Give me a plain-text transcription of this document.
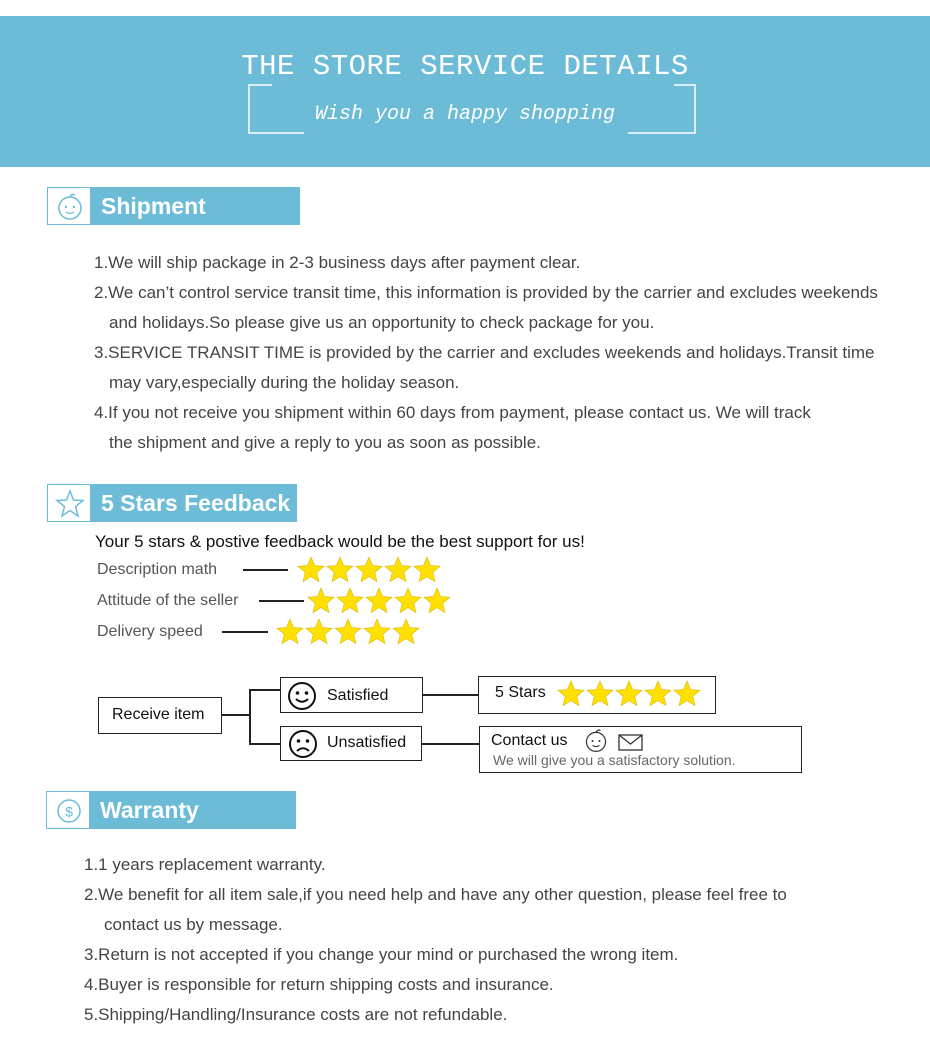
THE STORE SERVICE DETAILS
Wish you a happy shopping
Shipment
1.We will ship package in 2-3 business days after payment clear.
2.We can’t control service transit time, this information is provided by the carrier and excludes weekends
and holidays.So please give us an opportunity to check package for you.
3.SERVICE TRANSIT TIME is provided by the carrier and excludes weekends and holidays.Transit time
may vary,especially during the holiday season.
4.If you not receive you shipment within 60 days from payment, please contact us. We will track
the shipment and give a reply to you as soon as possible.
5 Stars Feedback
Your 5 stars & postive feedback would be the best support for us!
Description math
Attitude of the seller
Delivery speed
Receive item
Satisfied
Unsatisfied
5 Stars
Contact us
We will give you a satisfactory solution.
$ Warranty
1.1 years replacement warranty.
2.We benefit for all item sale,if you need help and have any other question, please feel free to
contact us by message.
3.Return is not accepted if you change your mind or purchased the wrong item.
4.Buyer is responsible for return shipping costs and insurance.
5.Shipping/Handling/Insurance costs are not refundable.
